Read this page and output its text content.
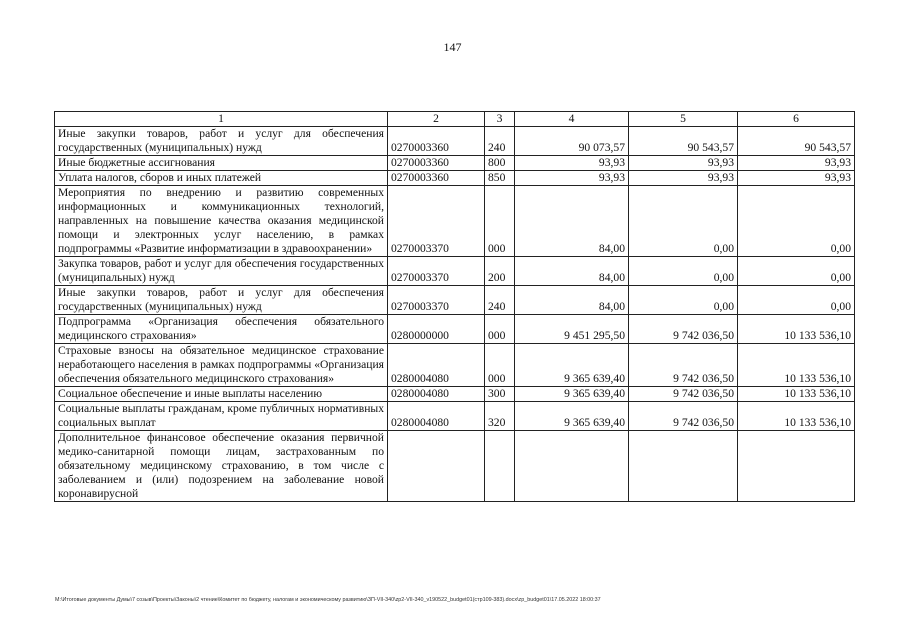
147
1	2	3	4	5	6
Иные закупки товаров, работ и услуг для обеспечения государственных (муниципальных) нужд	0270003360	240	90 073,57	90 543,57	90 543,57
Иные бюджетные ассигнования	0270003360	800	93,93	93,93	93,93
Уплата налогов, сборов и иных платежей	0270003360	850	93,93	93,93	93,93
Мероприятия по внедрению и развитию современных информационных и коммуникационных технологий, направленных на повышение качества оказания медицинской помощи и электронных услуг населению, в рамках подпрограммы «Развитие информатизации в здравоохранении»	0270003370	000	84,00	0,00	0,00
Закупка товаров, работ и услуг для обеспечения государственных (муниципальных) нужд	0270003370	200	84,00	0,00	0,00
Иные закупки товаров, работ и услуг для обеспечения государственных (муниципальных) нужд	0270003370	240	84,00	0,00	0,00
Подпрограмма «Организация обеспечения обязательного медицинского страхования»	0280000000	000	9 451 295,50	9 742 036,50	10 133 536,10
Страховые взносы на обязательное медицинское страхование неработающего населения в рамках подпрограммы «Организация обеспечения обязательного медицинского страхования»	0280004080	000	9 365 639,40	9 742 036,50	10 133 536,10
Социальное обеспечение и иные выплаты населению	0280004080	300	9 365 639,40	9 742 036,50	10 133 536,10
Социальные выплаты гражданам, кроме публичных нормативных социальных выплат	0280004080	320	9 365 639,40	9 742 036,50	10 133 536,10
Дополнительное финансовое обеспечение оказания первичной медико-санитарной помощи лицам, застрахованным по обязательному медицинскому страхованию, в том числе с заболеванием и (или) подозрением на заболевание новой коронавирусной					
M:\Итоговые документы Думы\7 созыв\Проекты\Законы\2 чтение\Комитет по бюджету, налогам и экономическому развитию\ЗП-VII-340\zp2-VII-340_v190522_budget01(стр109-383).docx\zp_budget01\17.05.2022 18:00:37
